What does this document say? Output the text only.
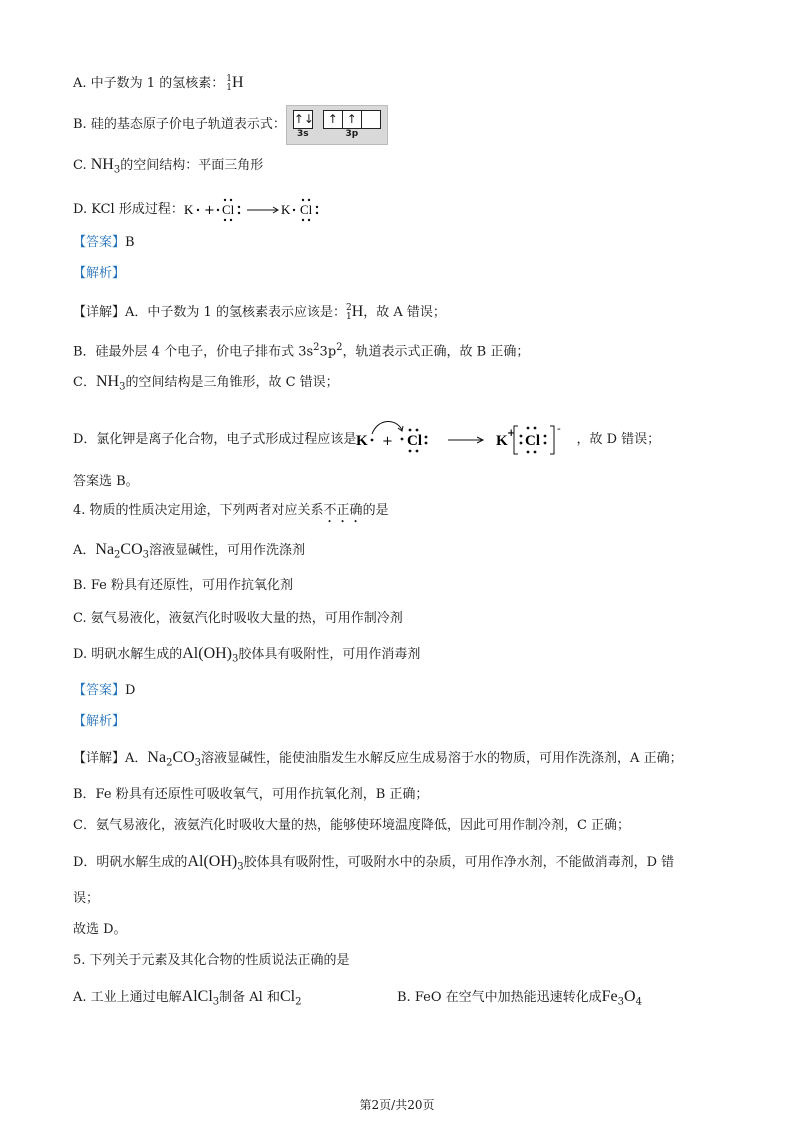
A. 中子数为 1 的氢核素： 1
1 H
B. 硅的基态原子价电子轨道表示式： ↑↓
3s
↑ ↑
3p
C. $NH_3$的空间结构：平面三角形
D. KCl 形成过程： K + Cl	K Cl
【答案】B
【解析】
【详解】A．中子数为 1 的氢核素表示应该是： 2
1 H，故 A 错误；
B．硅最外层 4 个电子，价电子排布式 $3s^23p^2$，轨道表示式正确，故 B 正确；
C．$NH_3$的空间结构是三角锥形，故 C 错误；
D．氯化钾是离子化合物，电子式形成过程应该是 K + Cl	K + Cl
-
，故 D 错误；
答案选 B。
4. 物质的性质决定用途，下列两者对应关系不正确的是
A．$Na_2CO_3$溶液显碱性，可用作洗涤剂
B. Fe 粉具有还原性，可用作抗氧化剂
C. 氨气易液化，液氨汽化时吸收大量的热，可用作制冷剂
D. 明矾水解生成的$Al(OH)_3$胶体具有吸附性，可用作消毒剂
【答案】D
【解析】
【详解】A．$Na_2CO_3$溶液显碱性，能使油脂发生水解反应生成易溶于水的物质，可用作洗涤剂，A 正确；
B．Fe 粉具有还原性可吸收氧气，可用作抗氧化剂，B 正确；
C．氨气易液化，液氨汽化时吸收大量的热，能够使环境温度降低，因此可用作制冷剂，C 正确；
D．明矾水解生成的$Al(OH)_3$胶体具有吸附性，可吸附水中的杂质，可用作净水剂，不能做消毒剂，D 错
误；
故选 D。
5. 下列关于元素及其化合物的性质说法正确的是
A. 工业上通过电解AlCl$_3$制备 Al 和$Cl_2$	B. FeO 在空气中加热能迅速转化成$Fe_3O_4$
第2页/共20页
